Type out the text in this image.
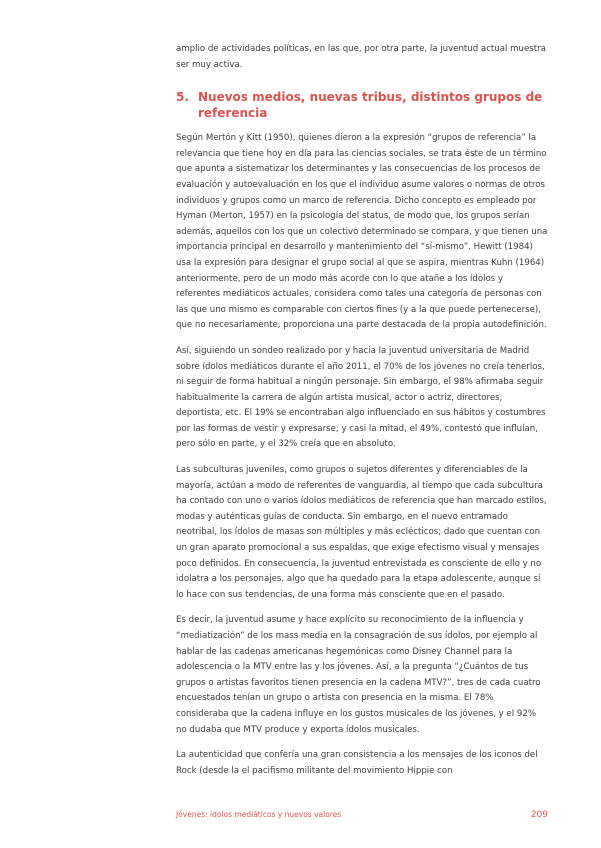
amplio de actividades políticas, en las que, por otra parte, la juventud actual muestra ser muy activa.

5. Nuevos medios, nuevas tribus, distintos grupos de referencia

Según Mertón y Kitt (1950), quienes dieron a la expresión “grupos de referencia” la relevancia que tiene hoy en día para las ciencias sociales, se trata éste de un término que apunta a sistematizar los determinantes y las consecuencias de los procesos de evaluación y autoevaluación en los que el individuo asume valores o normas de otros individuos y grupos como un marco de referencia. Dicho concepto es empleado por Hyman (Merton, 1957) en la psicología del status, de modo que, los grupos serían además, aquellos con los que un colectivo determinado se compara, y que tienen una importancia principal en desarrollo y mantenimiento del “sí-mismo”. Hewitt (1984) usa la expresión para designar el grupo social al que se aspira, mientras Kuhn (1964) anteriormente, pero de un modo más acorde con lo que atañe a los ídolos y referentes mediáticos actuales, considera como tales una categoría de personas con las que uno mismo es comparable con ciertos fines (y a la que puede pertenecerse), que no necesariamente, proporciona una parte destacada de la propia autodefinición.

Así, siguiendo un sondeo realizado por y hacia la juventud universitaria de Madrid sobre ídolos mediáticos durante el año 2011, el 70% de los jóvenes no creía tenerlos, ni seguir de forma habitual a ningún personaje. Sin embargo, el 98% afirmaba seguir habitualmente la carrera de algún artista musical, actor o actriz, directores, deportista, etc. El 19% se encontraban algo influenciado en sus hábitos y costumbres por las formas de vestir y expresarse; y casi la mitad, el 49%, contestó que influían, pero sólo en parte, y el 32% creía que en absoluto.

Las subculturas juveniles, como grupos o sujetos diferentes y diferenciables de la mayoría, actúan a modo de referentes de vanguardia, al tiempo que cada subcultura ha contado con uno o varios ídolos mediáticos de referencia que han marcado estilos, modas y auténticas guías de conducta. Sin embargo, en el nuevo entramado neotribal, los ídolos de masas son múltiples y más eclécticos; dado que cuentan con un gran aparato promocional a sus espaldas, que exige efectismo visual y mensajes poco definidos. En consecuencia, la juventud entrevistada es consciente de ello y no idolatra a los personajes, algo que ha quedado para la etapa adolescente, aunque sí lo hace con sus tendencias, de una forma más consciente que en el pasado.

Es decir, la juventud asume y hace explícito su reconocimiento de la influencia y “mediatización” de los mass media en la consagración de sus ídolos, por ejemplo al hablar de las cadenas americanas hegemónicas como Disney Channel para la adolescencia o la MTV entre las y los jóvenes. Así, a la pregunta “¿Cuántos de tus grupos o artistas favoritos tienen presencia en la cadena MTV?”, tres de cada cuatro encuestados tenían un grupo o artista con presencia en la misma. El 78% consideraba que la cadena influye en los gustos musicales de los jóvenes, y el 92% no dudaba que MTV produce y exporta ídolos musicales.

La autenticidad que confería una gran consistencia a los mensajes de los iconos del Rock (desde la el pacifismo militante del movimiento Hippie con

Jóvenes: ídolos mediáticos y nuevos valores	209
